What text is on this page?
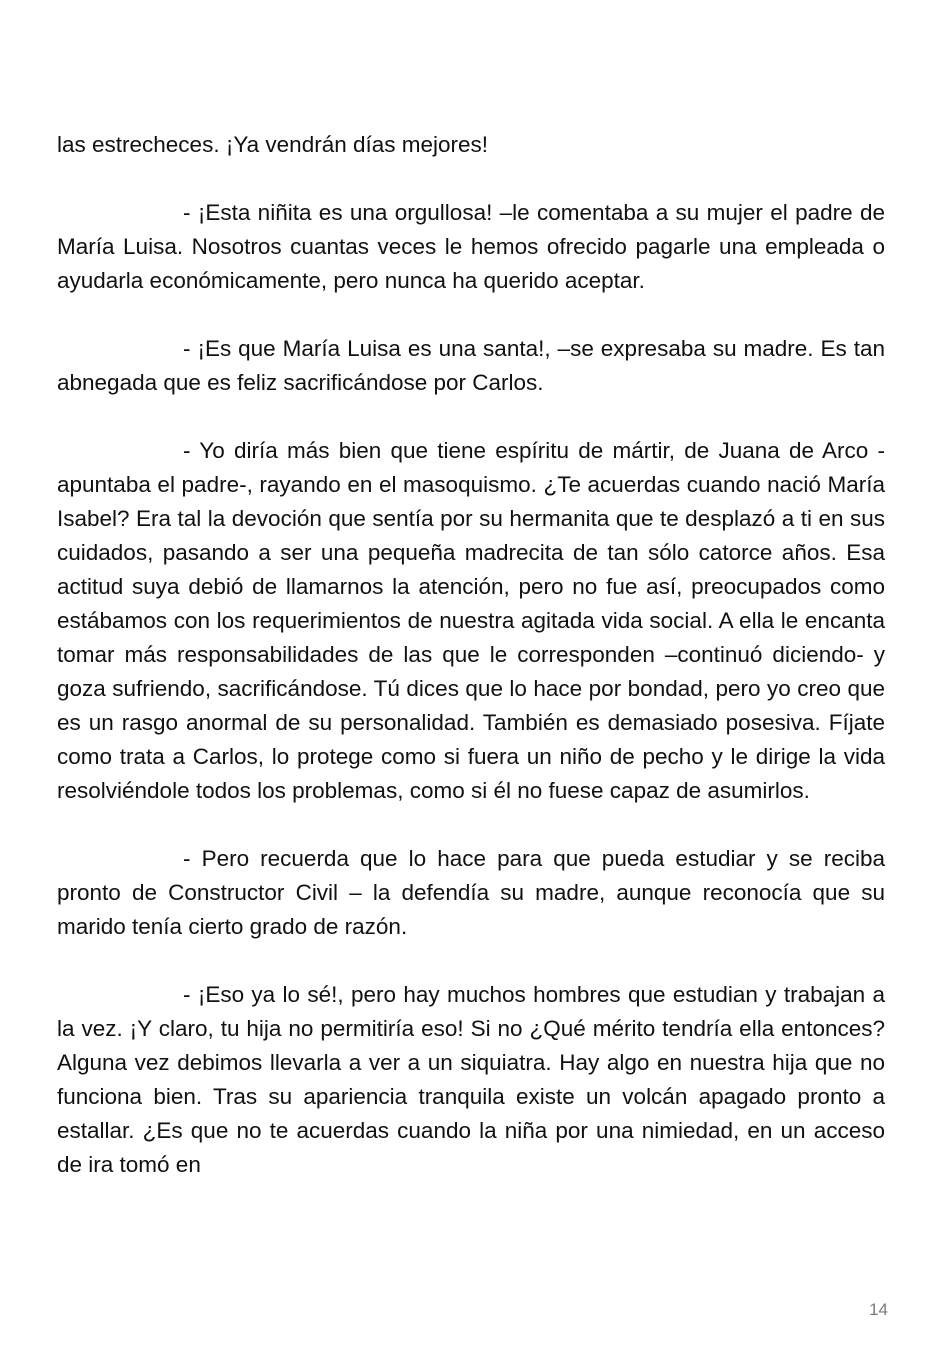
las estrecheces. ¡Ya vendrán días mejores!

- ¡Esta niñita es una orgullosa! –le comentaba a su mujer el padre de María Luisa. Nosotros cuantas veces le hemos ofrecido pagarle una empleada o ayudarla económicamente, pero nunca ha querido aceptar.

- ¡Es que María Luisa es una santa!, –se expresaba su madre. Es tan abnegada que es feliz sacrificándose por Carlos.

- Yo diría más bien que tiene espíritu de mártir, de Juana de Arco -apuntaba el padre-, rayando en el masoquismo. ¿Te acuerdas cuando nació María Isabel? Era tal la devoción que sentía por su hermanita que te desplazó a ti en sus cuidados, pasando a ser una pequeña madrecita de tan sólo catorce años. Esa actitud suya debió de llamarnos la atención, pero no fue así, preocupados como estábamos con los requerimientos de nuestra agitada vida social. A ella le encanta tomar más responsabilidades de las que le corresponden –continuó diciendo- y goza sufriendo, sacrificándose. Tú dices que lo hace por bondad, pero yo creo que es un rasgo anormal de su personalidad. También es demasiado posesiva. Fíjate como trata a Carlos, lo protege como si fuera un niño de pecho y le dirige la vida resolviéndole todos los problemas, como si él no fuese capaz de asumirlos.

- Pero recuerda que lo hace para que pueda estudiar y se reciba pronto de Constructor Civil – la defendía su madre, aunque reconocía que su marido tenía cierto grado de razón.

- ¡Eso ya lo sé!, pero hay muchos hombres que estudian y trabajan a la vez. ¡Y claro, tu hija no permitiría eso! Si no ¿Qué mérito tendría ella entonces? Alguna vez debimos llevarla a ver a un siquiatra. Hay algo en nuestra hija que no funciona bien. Tras su apariencia tranquila existe un volcán apagado pronto a estallar. ¿Es que no te acuerdas cuando la niña por una nimiedad, en un acceso de ira tomó en

14
